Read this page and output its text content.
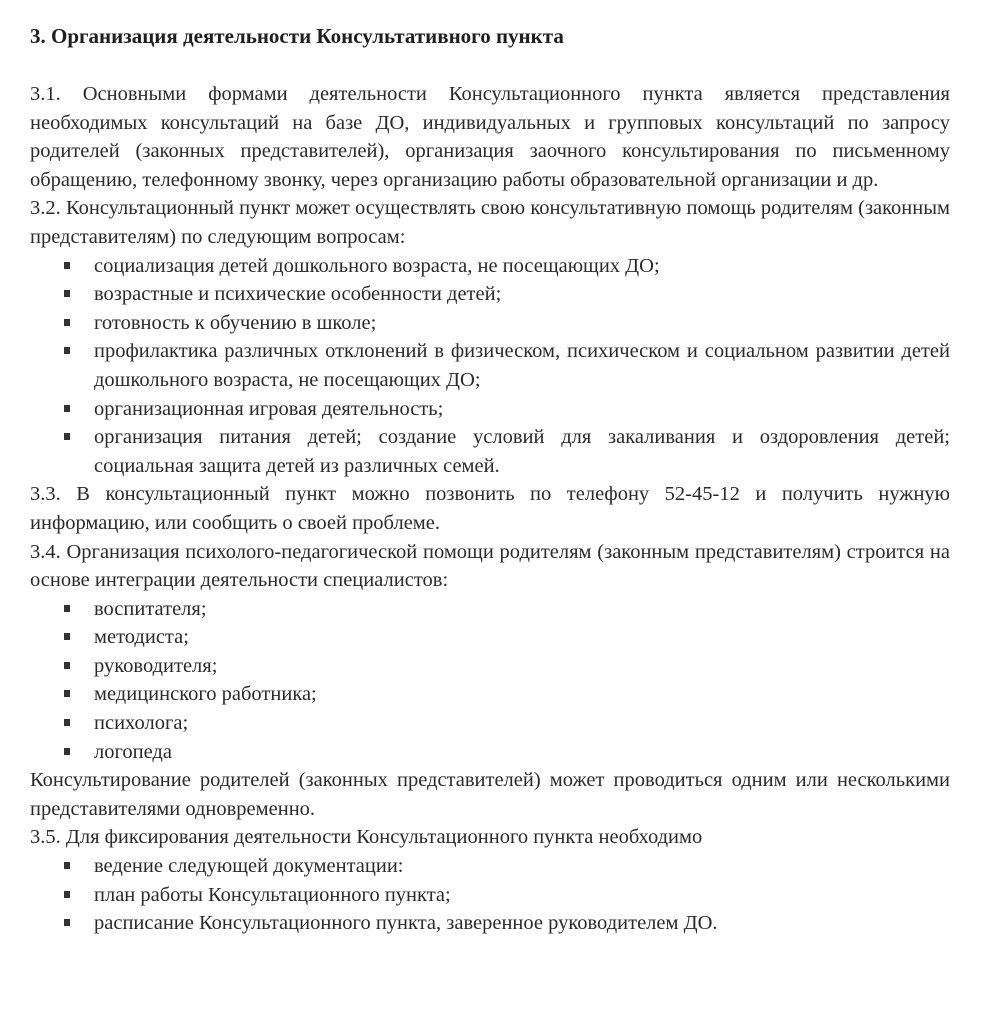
3. Организация деятельности Консультативного пункта

3.1. Основными формами деятельности Консультационного пункта является представления необходимых консультаций на базе ДО, индивидуальных и групповых консультаций по запросу родителей (законных представителей), организация заочного консультирования по письменному обращению, телефонному звонку, через организацию работы образовательной организации и др.

3.2. Консультационный пункт может осуществлять свою консультативную помощь родителям (законным представителям) по следующим вопросам:

социализация детей дошкольного возраста, не посещающих ДО;
возрастные и психические особенности детей;
готовность к обучению в школе;
профилактика различных отклонений в физическом, психическом и социальном развитии детей дошкольного возраста, не посещающих ДО;
организационная игровая деятельность;
организация питания детей; создание условий для закаливания и оздоровления детей; социальная защита детей из различных семей.

3.3. В консультационный пункт можно позвонить по телефону 52-45-12 и получить нужную информацию, или сообщить о своей проблеме.

3.4. Организация психолого-педагогической помощи родителям (законным представителям) строится на основе интеграции деятельности специалистов:

воспитателя;
методиста;
руководителя;
медицинского работника;
психолога;
логопеда

Консультирование родителей (законных представителей) может проводиться одним или несколькими представителями одновременно.

3.5. Для фиксирования деятельности Консультационного пункта необходимо

ведение следующей документации:
план работы Консультационного пункта;
расписание Консультационного пункта, заверенное руководителем ДО.
